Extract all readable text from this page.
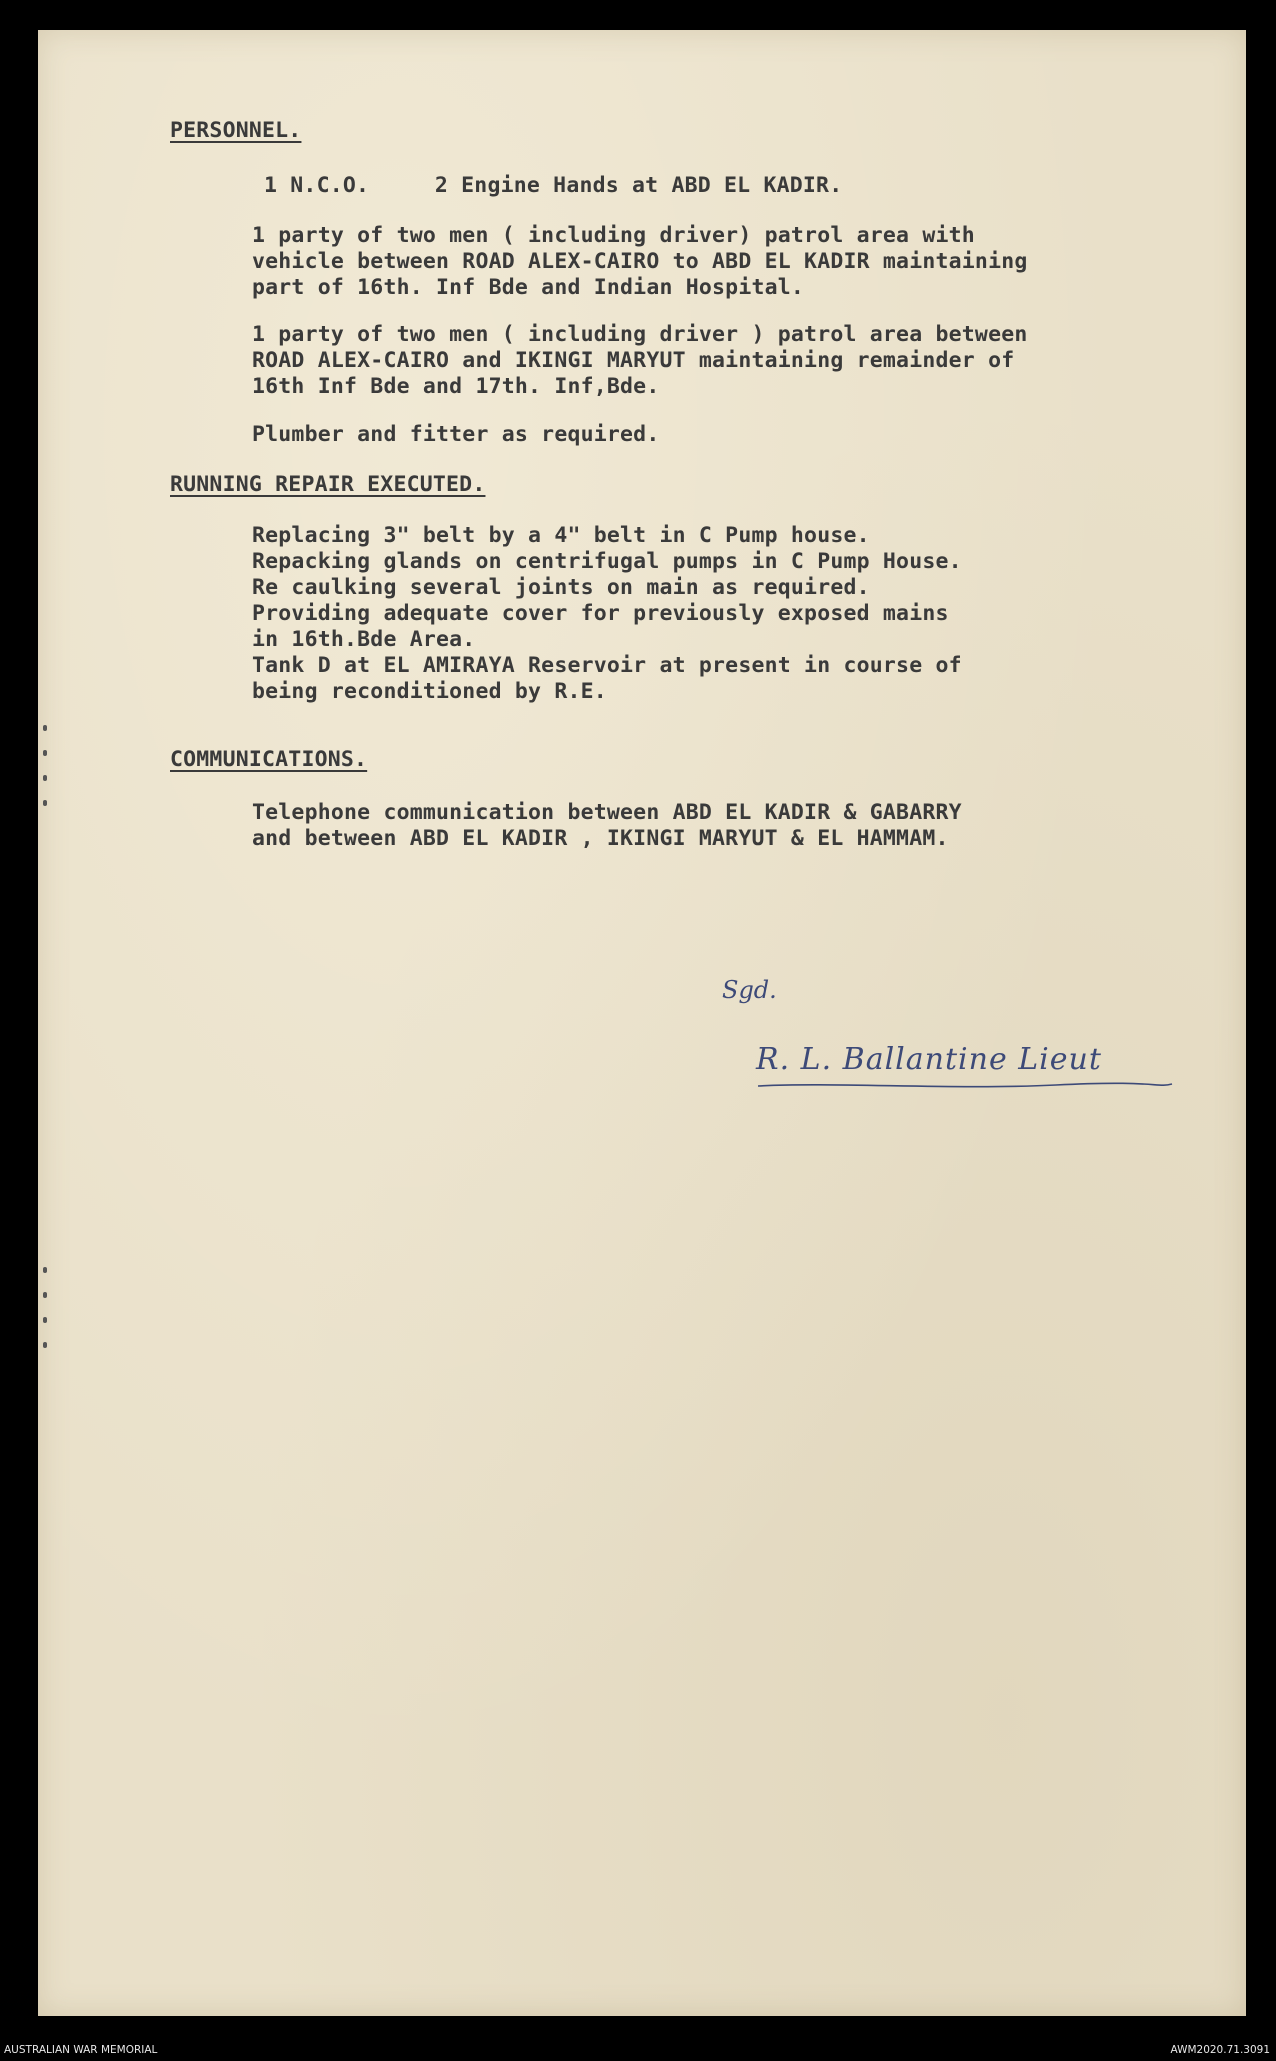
PERSONNEL.
1 N.C.O.     2 Engine Hands at ABD EL KADIR.
1 party of two men ( including driver) patrol area with
vehicle between ROAD ALEX-CAIRO to ABD EL KADIR maintaining
part of 16th. Inf Bde and Indian Hospital.
1 party of two men ( including driver ) patrol area between
ROAD ALEX-CAIRO and IKINGI MARYUT maintaining remainder of
16th Inf Bde and 17th. Inf,Bde.
Plumber and fitter as required.
RUNNING REPAIR EXECUTED.
Replacing 3" belt by a 4" belt in C Pump house.
Repacking glands on centrifugal pumps in C Pump House.
Re caulking several joints on main as required.
Providing adequate cover for previously exposed mains
in 16th.Bde Area.
Tank D at EL AMIRAYA Reservoir at present in course of
being reconditioned by R.E.
COMMUNICATIONS.
Telephone communication between ABD EL KADIR & GABARRY
and between ABD EL KADIR , IKINGI MARYUT & EL HAMMAM.
Sgd.
R. L. Ballantine Lieut
AUSTRALIAN WAR MEMORIAL	AWM2020.71.3091
